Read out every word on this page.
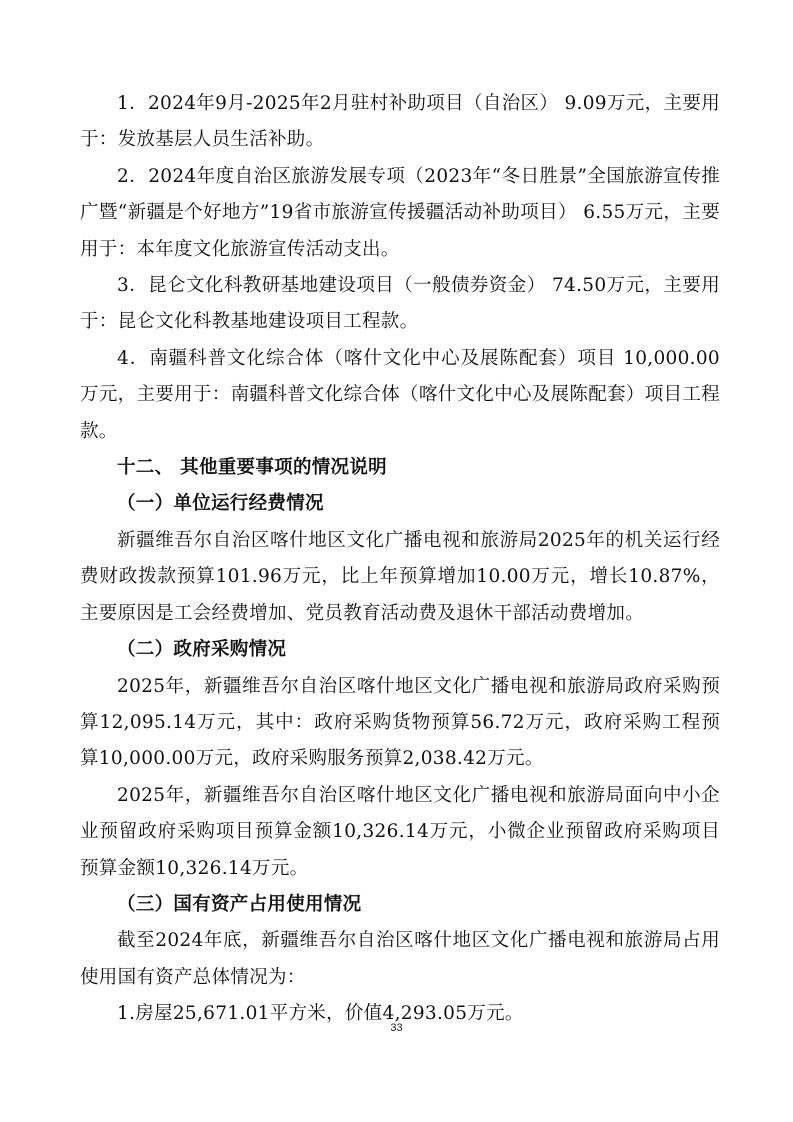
1．2024年9月-2025年2月驻村补助项目（自治区） 9.09万元，主要用于：发放基层人员生活补助。

2．2024年度自治区旅游发展专项（2023年“冬日胜景”全国旅游宣传推广暨“新疆是个好地方”19省市旅游宣传援疆活动补助项目） 6.55万元，主要用于：本年度文化旅游宣传活动支出。

3．昆仑文化科教研基地建设项目（一般债券资金） 74.50万元，主要用于：昆仑文化科教基地建设项目工程款。

4．南疆科普文化综合体（喀什文化中心及展陈配套）项目 10,000.00万元，主要用于：南疆科普文化综合体（喀什文化中心及展陈配套）项目工程款。

十二、 其他重要事项的情况说明

（一）单位运行经费情况

新疆维吾尔自治区喀什地区文化广播电视和旅游局2025年的机关运行经费财政拨款预算101.96万元，比上年预算增加10.00万元，增长10.87%，主要原因是工会经费增加、党员教育活动费及退休干部活动费增加。

（二）政府采购情况

2025年，新疆维吾尔自治区喀什地区文化广播电视和旅游局政府采购预算12,095.14万元，其中：政府采购货物预算56.72万元，政府采购工程预算10,000.00万元，政府采购服务预算2,038.42万元。

2025年，新疆维吾尔自治区喀什地区文化广播电视和旅游局面向中小企业预留政府采购项目预算金额10,326.14万元，小微企业预留政府采购项目预算金额10,326.14万元。

（三）国有资产占用使用情况

截至2024年底，新疆维吾尔自治区喀什地区文化广播电视和旅游局占用使用国有资产总体情况为：

1.房屋25,671.01平方米，价值4,293.05万元。

33
